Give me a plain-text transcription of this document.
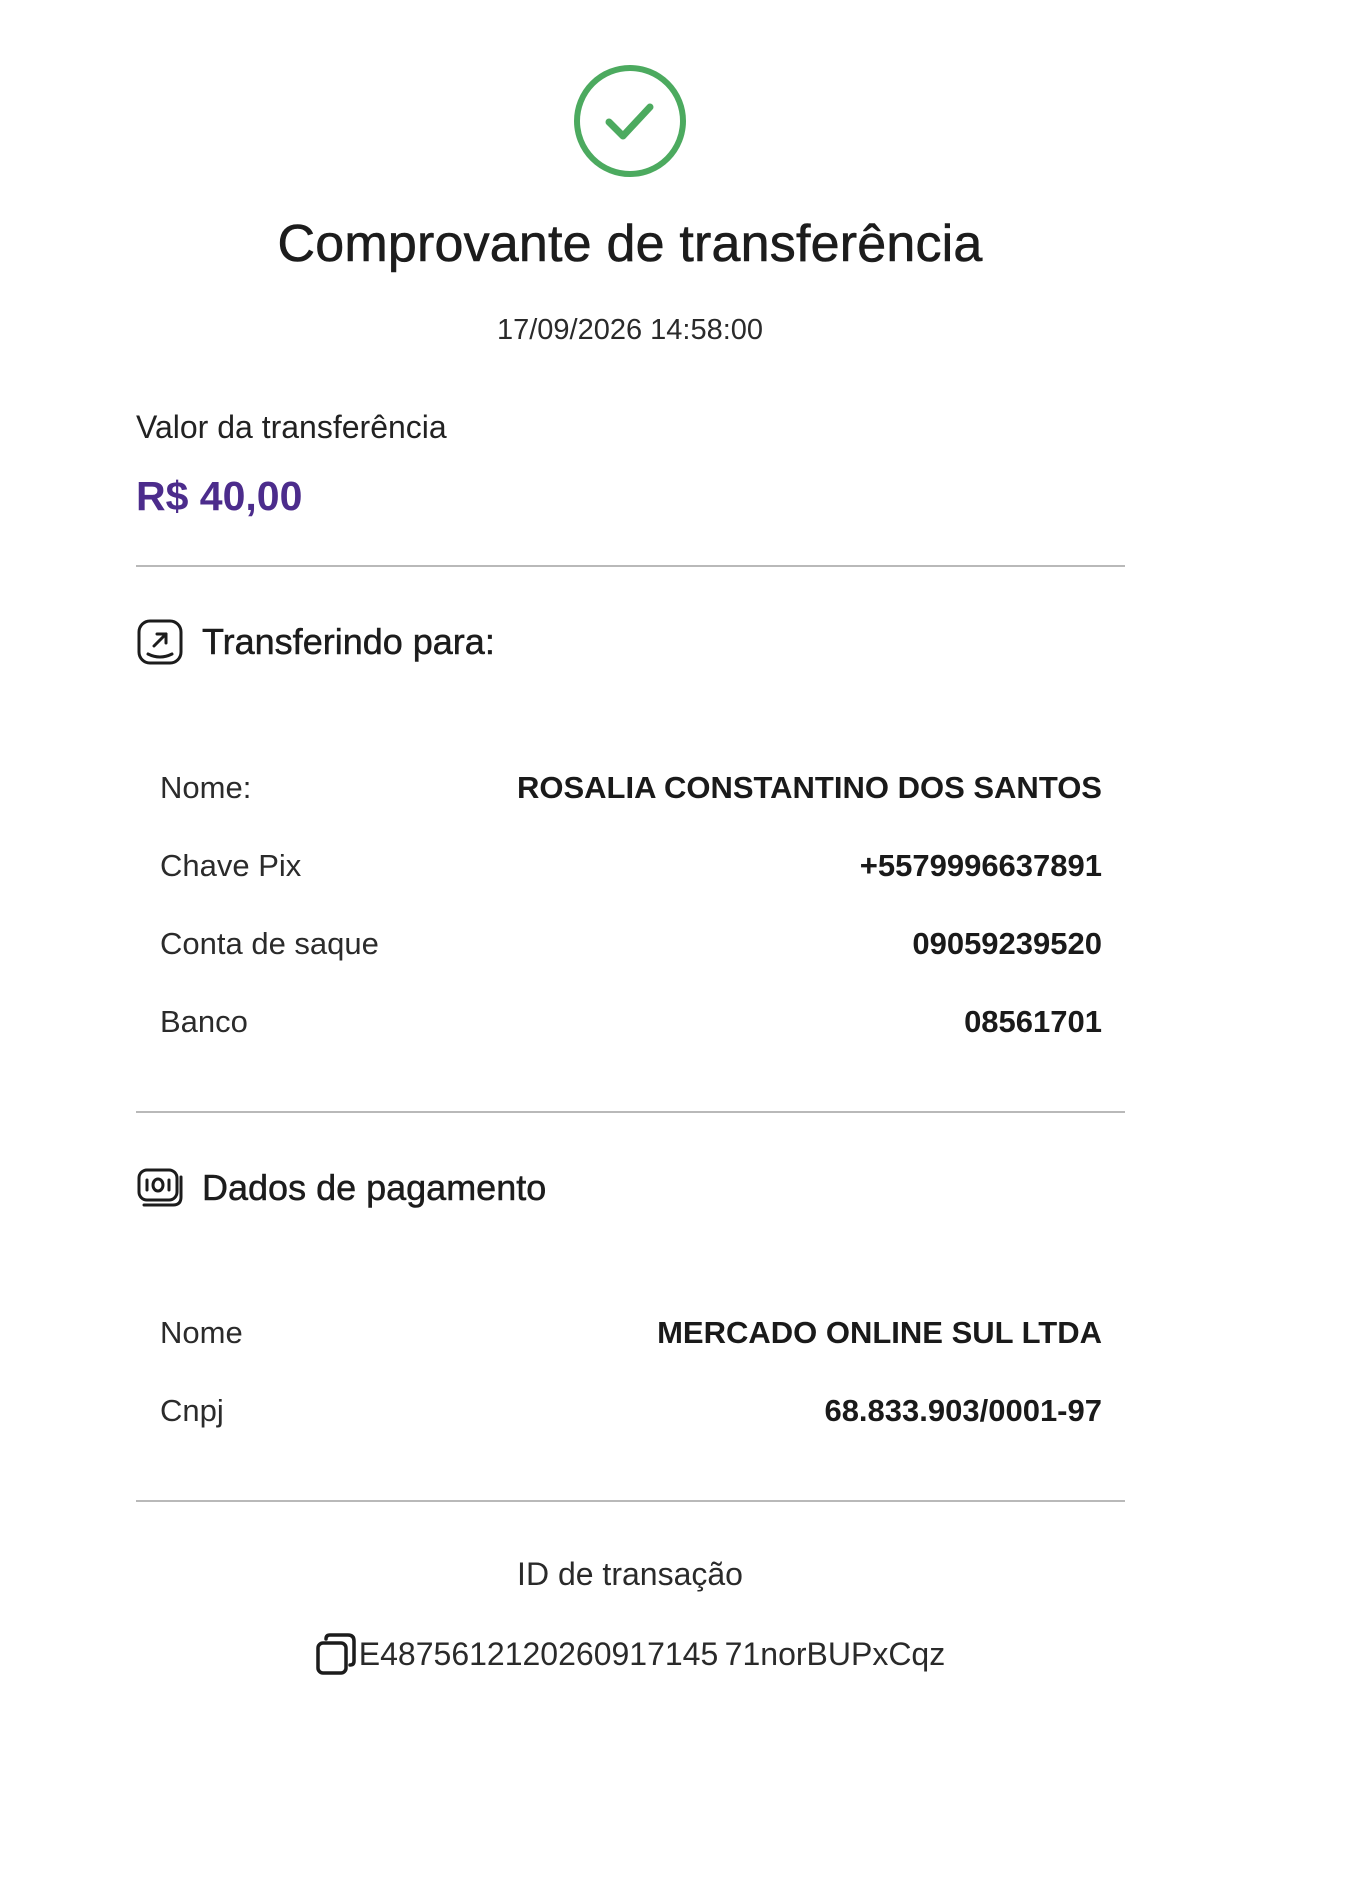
Comprovante de transferência
17/09/2026 14:58:00
Valor da transferência
R$ 40,00
Transferindo para:
Nome:	ROSALIA CONSTANTINO DOS SANTOS
Chave Pix	+5579996637891
Conta de saque	09059239520
Banco	08561701
Dados de pagamento
Nome	MERCADO ONLINE SUL LTDA
Cnpj	68.833.903/0001-97
ID de transação
E4875612120260917145 71norBUPxCqz
